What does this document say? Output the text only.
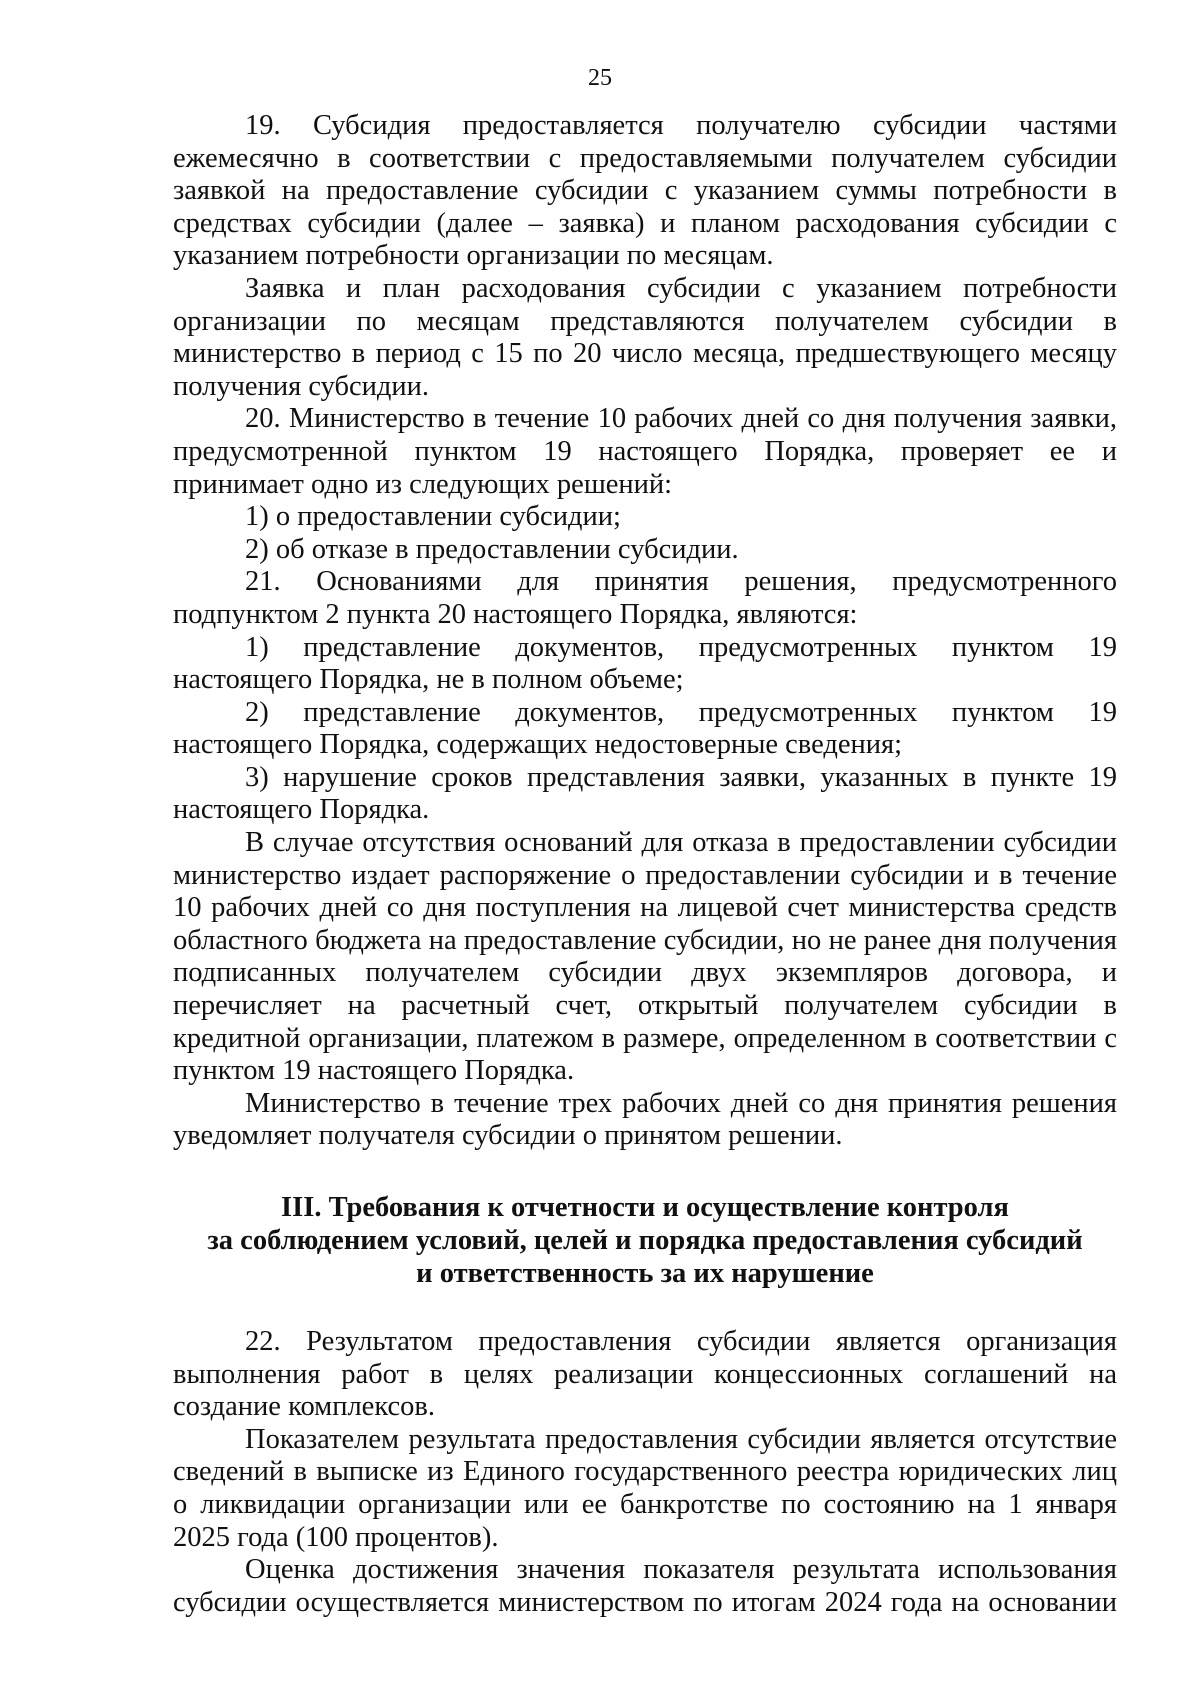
25

19. Субсидия предоставляется получателю субсидии частями ежемесячно в соответствии с предоставляемыми получателем субсидии заявкой на предоставление субсидии с указанием суммы потребности в средствах субсидии (далее – заявка) и планом расходования субсидии с указанием потребности организации по месяцам.

Заявка и план расходования субсидии с указанием потребности организации по месяцам представляются получателем субсидии в министерство в период с 15 по 20 число месяца, предшествующего месяцу получения субсидии.

20. Министерство в течение 10 рабочих дней со дня получения заявки, предусмотренной пунктом 19 настоящего Порядка, проверяет ее и принимает одно из следующих решений:

1) о предоставлении субсидии;

2) об отказе в предоставлении субсидии.

21. Основаниями для принятия решения, предусмотренного подпунктом 2 пункта 20 настоящего Порядка, являются:

1) представление документов, предусмотренных пунктом 19 настоящего Порядка, не в полном объеме;

2) представление документов, предусмотренных пунктом 19 настоящего Порядка, содержащих недостоверные сведения;

3) нарушение сроков представления заявки, указанных в пункте 19 настоящего Порядка.

В случае отсутствия оснований для отказа в предоставлении субсидии министерство издает распоряжение о предоставлении субсидии и в течение 10 рабочих дней со дня поступления на лицевой счет министерства средств областного бюджета на предоставление субсидии, но не ранее дня получения подписанных получателем субсидии двух экземпляров договора, и перечисляет на расчетный счет, открытый получателем субсидии в кредитной организации, платежом в размере, определенном в соответствии с пунктом 19 настоящего Порядка.

Министерство в течение трех рабочих дней со дня принятия решения уведомляет получателя субсидии о принятом решении.

III. Требования к отчетности и осуществление контроля
за соблюдением условий, целей и порядка предоставления субсидий
и ответственность за их нарушение

22. Результатом предоставления субсидии является организация выполнения работ в целях реализации концессионных соглашений на создание комплексов.

Показателем результата предоставления субсидии является отсутствие сведений в выписке из Единого государственного реестра юридических лиц о ликвидации организации или ее банкротстве по состоянию на 1 января 2025 года (100 процентов).

Оценка достижения значения показателя результата использования субсидии осуществляется министерством по итогам 2024 года на основании
